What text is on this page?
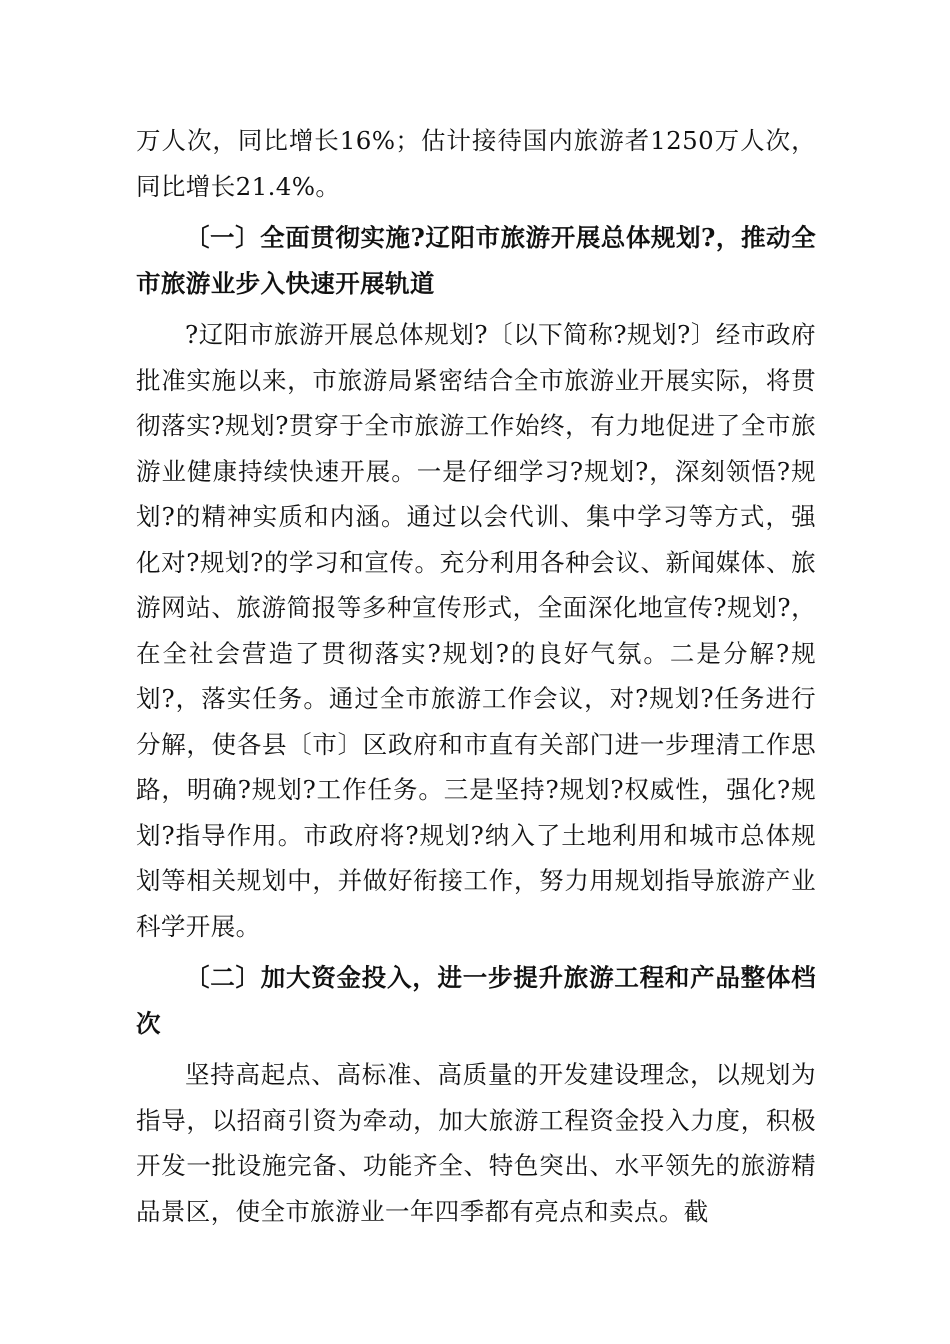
万人次，同比增长16%；估计接待国内旅游者1250万人次，同比增长21.4%。

〔一〕全面贯彻实施?辽阳市旅游开展总体规划?，推动全市旅游业步入快速开展轨道

?辽阳市旅游开展总体规划?〔以下简称?规划?〕经市政府批准实施以来，市旅游局紧密结合全市旅游业开展实际，将贯彻落实?规划?贯穿于全市旅游工作始终，有力地促进了全市旅游业健康持续快速开展。一是仔细学习?规划?，深刻领悟?规划?的精神实质和内涵。通过以会代训、集中学习等方式，强化对?规划?的学习和宣传。充分利用各种会议、新闻媒体、旅游网站、旅游简报等多种宣传形式，全面深化地宣传?规划?，在全社会营造了贯彻落实?规划?的良好气氛。二是分解?规划?，落实任务。通过全市旅游工作会议，对?规划?任务进行分解，使各县〔市〕区政府和市直有关部门进一步理清工作思路，明确?规划?工作任务。三是坚持?规划?权威性，强化?规划?指导作用。市政府将?规划?纳入了土地利用和城市总体规划等相关规划中，并做好衔接工作，努力用规划指导旅游产业科学开展。

〔二〕加大资金投入，进一步提升旅游工程和产品整体档次

坚持高起点、高标准、高质量的开发建设理念，以规划为指导，以招商引资为牵动，加大旅游工程资金投入力度，积极开发一批设施完备、功能齐全、特色突出、水平领先的旅游精品景区，使全市旅游业一年四季都有亮点和卖点。截
